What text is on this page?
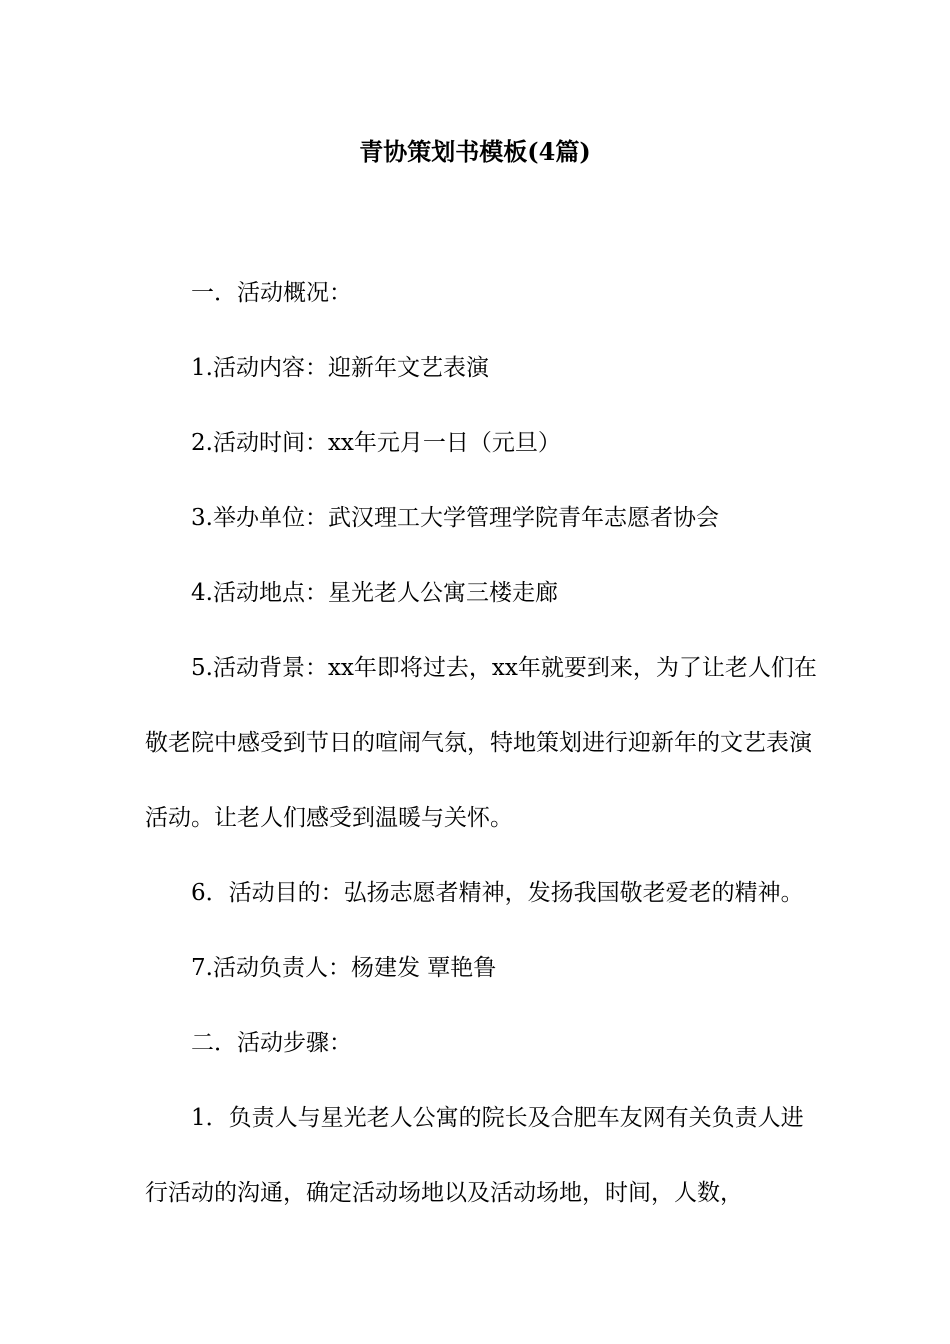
青协策划书模板(4篇)

一．活动概况：

1.活动内容：迎新年文艺表演

2.活动时间：xx年元月一日（元旦）

3.举办单位：武汉理工大学管理学院青年志愿者协会

4.活动地点：星光老人公寓三楼走廊

5.活动背景：xx年即将过去，xx年就要到来，为了让老人们在敬老院中感受到节日的喧闹气氛，特地策划进行迎新年的文艺表演活动。让老人们感受到温暖与关怀。

6．活动目的：弘扬志愿者精神，发扬我国敬老爱老的精神。

7.活动负责人：杨建发 覃艳鲁

二．活动步骤：

1．负责人与星光老人公寓的院长及合肥车友网有关负责人进行活动的沟通，确定活动场地以及活动场地，时间，人数，
